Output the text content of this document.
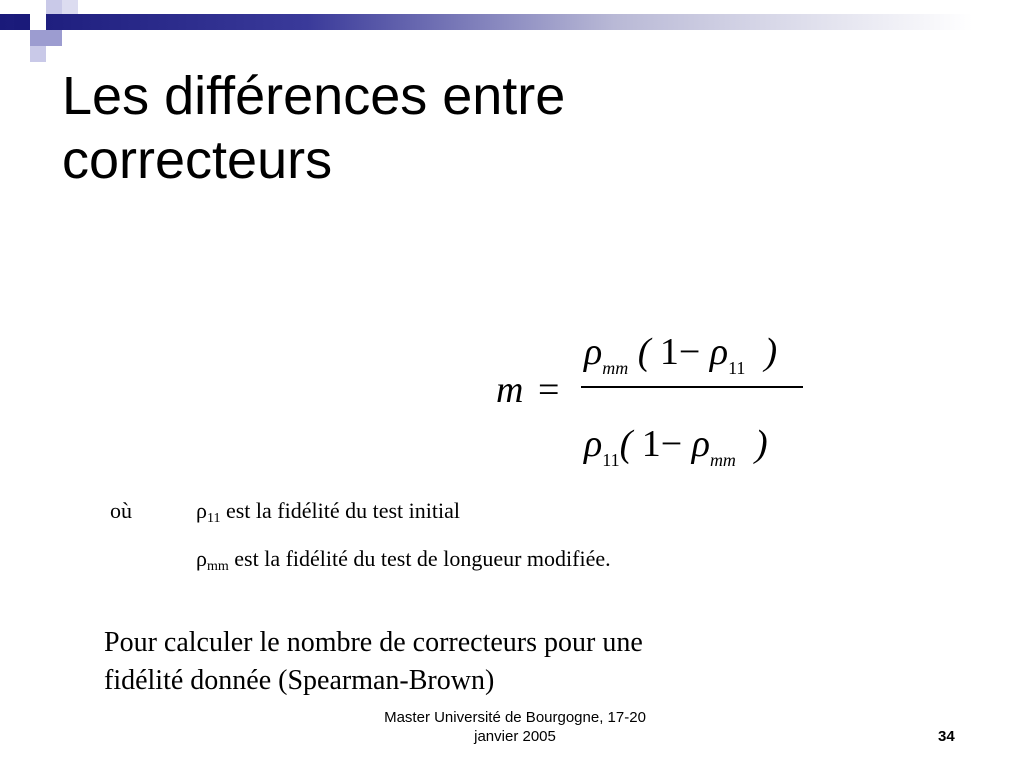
Les différences entre
correcteurs
m =
$\rho_{mm}$ ( $1- \rho_{11}$ )
$\rho_{11}$( $1- \rho_{mm}$ )
où	ρ11 est la fidélité du test initial
ρmm est la fidélité du test de longueur modifiée.
Pour calculer le nombre de correcteurs pour une
fidélité donnée (Spearman-Brown)
Master Université de Bourgogne, 17-20
janvier 2005	34
